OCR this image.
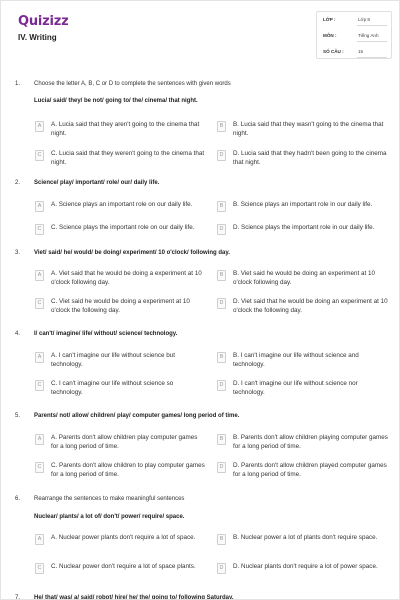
Quizizz
IV. Writing
LỚP :	Lớp 8
MÔN :	Tiếng Anh
SỐ CÂU :	15
1. Choose the letter A, B, C or D to complete the sentences with given words
Lucia/ said/ they/ be not/ going to/ the/ cinema/ that night.
A	A. Lucia said that they aren't going to the cinema that night.
B	B. Lucia said that they wasn't going to the cinema that night.
C	C. Lucia said that they weren't going to the cinema that night.
D	D. Lucia said that they hadn't been going to the cinema that night.
2. Science/ play/ important/ role/ our/ daily life.
A	A. Science plays an important role on our daily life.	B	B. Science plays an important role in our daily life.
C	C. Science plays the important role on our daily life.	D	D. Science plays the important role in our daily life.
3. Viet/ said/ he/ would/ be doing/ experiment/ 10 o'clock/ following day.
A	A. Viet said that he would be doing a experiment at 10 o'clock following day.
B	B. Viet said he would be doing an experiment at 10 o'clock following day.
C	C. Viet said he would be doing a experiment at 10 o'clock the following day.
D	D. Viet said that he would be doing an experiment at 10 o'clock the following day.
4. I/ can't/ imagine/ life/ without/ science/ technology.
A	A. I can't imagine our life without science but technology.
B	B. I can't imagine our life without science and technology.
C	C. I can't imagine our life without science so technology.
D	D. I can't imagine our life without science nor technology.
5. Parents/ not/ allow/ children/ play/ computer games/ long period of time.
A	A. Parents don't allow children play computer games for a long period of time.
B	B. Parents don't allow children playing computer games for a long period of time.
C	C. Parents don't allow children to play computer games for a long period of time.
D	D. Parents don't allow children played computer games for a long period of time.
6. Rearrange the sentences to make meaningful sentences
Nuclear/ plants/ a lot of/ don't/ power/ require/ space.
A	A. Nuclear power plants don't require a lot of space.	B	B. Nuclear power a lot of plants don't require space.
C	C. Nuclear power don't require a lot of space plants.	D	D. Nuclear plants don't require a lot of power space.
7. He/ that/ was/ a/ said/ robot/ hire/ he/ the/ going to/ following Saturday.
